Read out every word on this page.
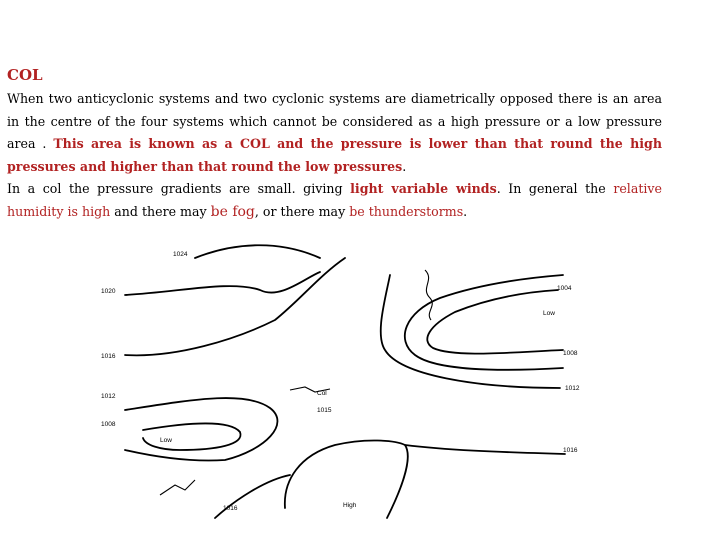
COL

When two anticyclonic systems and two cyclonic systems are diametrically opposed there is an area in the centre of the four systems which cannot be considered as a high pressure or a low pressure area . This area is known as a COL and the pressure is lower than that round the high pressures and higher than that round the low pressures.

In a col the pressure gradients are small. giving light variable winds. In general the relative humidity is high and there may be fog, or there may be thunderstorms.

1024
1020
1016
1012
1008
1016
1004
1008
1012
1016
Col
1015
Low
Low
High
